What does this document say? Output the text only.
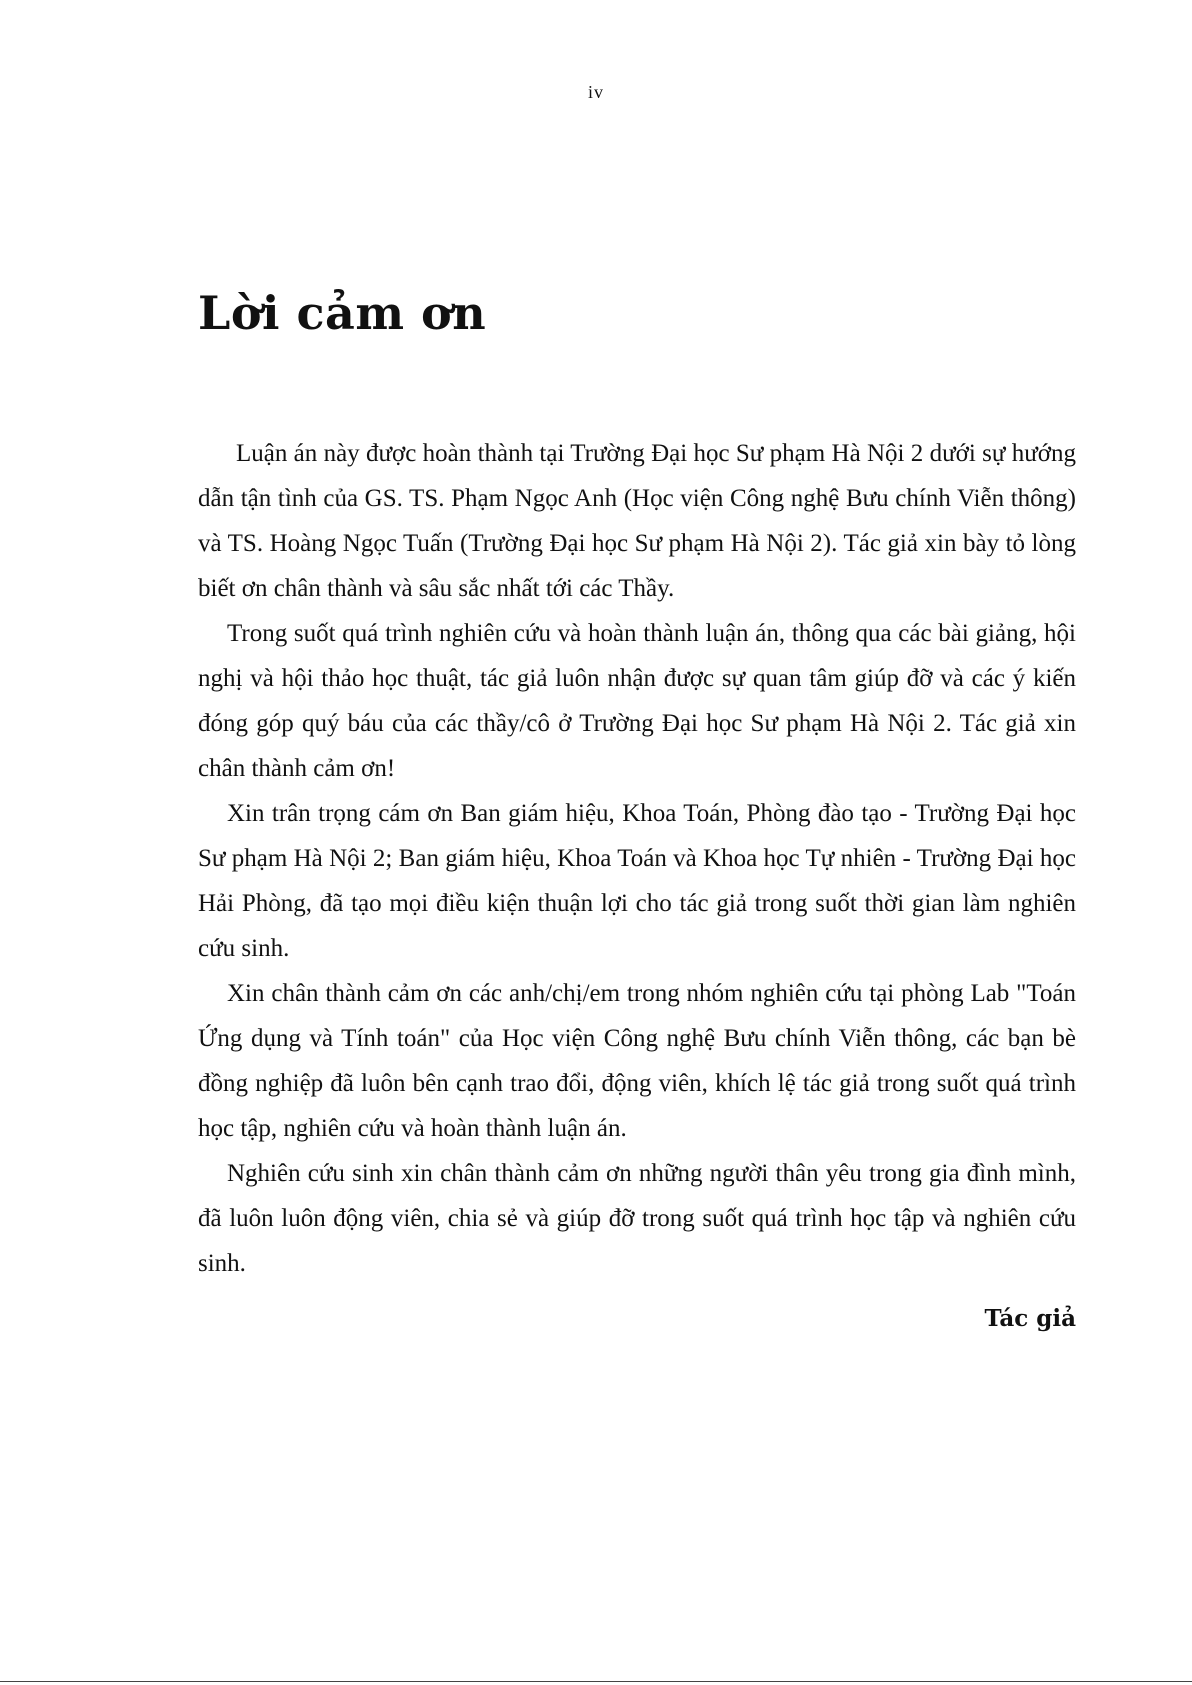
iv
Lời cảm ơn

Luận án này được hoàn thành tại Trường Đại học Sư phạm Hà Nội 2 dưới sự hướng dẫn tận tình của GS. TS. Phạm Ngọc Anh (Học viện Công nghệ Bưu chính Viễn thông) và TS. Hoàng Ngọc Tuấn (Trường Đại học Sư phạm Hà Nội 2). Tác giả xin bày tỏ lòng biết ơn chân thành và sâu sắc nhất tới các Thầy.

Trong suốt quá trình nghiên cứu và hoàn thành luận án, thông qua các bài giảng, hội nghị và hội thảo học thuật, tác giả luôn nhận được sự quan tâm giúp đỡ và các ý kiến đóng góp quý báu của các thầy/cô ở Trường Đại học Sư phạm Hà Nội 2. Tác giả xin chân thành cảm ơn!

Xin trân trọng cám ơn Ban giám hiệu, Khoa Toán, Phòng đào tạo - Trường Đại học Sư phạm Hà Nội 2; Ban giám hiệu, Khoa Toán và Khoa học Tự nhiên - Trường Đại học Hải Phòng, đã tạo mọi điều kiện thuận lợi cho tác giả trong suốt thời gian làm nghiên cứu sinh.

Xin chân thành cảm ơn các anh/chị/em trong nhóm nghiên cứu tại phòng Lab "Toán Ứng dụng và Tính toán" của Học viện Công nghệ Bưu chính Viễn thông, các bạn bè đồng nghiệp đã luôn bên cạnh trao đổi, động viên, khích lệ tác giả trong suốt quá trình học tập, nghiên cứu và hoàn thành luận án.

Nghiên cứu sinh xin chân thành cảm ơn những người thân yêu trong gia đình mình, đã luôn luôn động viên, chia sẻ và giúp đỡ trong suốt quá trình học tập và nghiên cứu sinh.

Tác giả
